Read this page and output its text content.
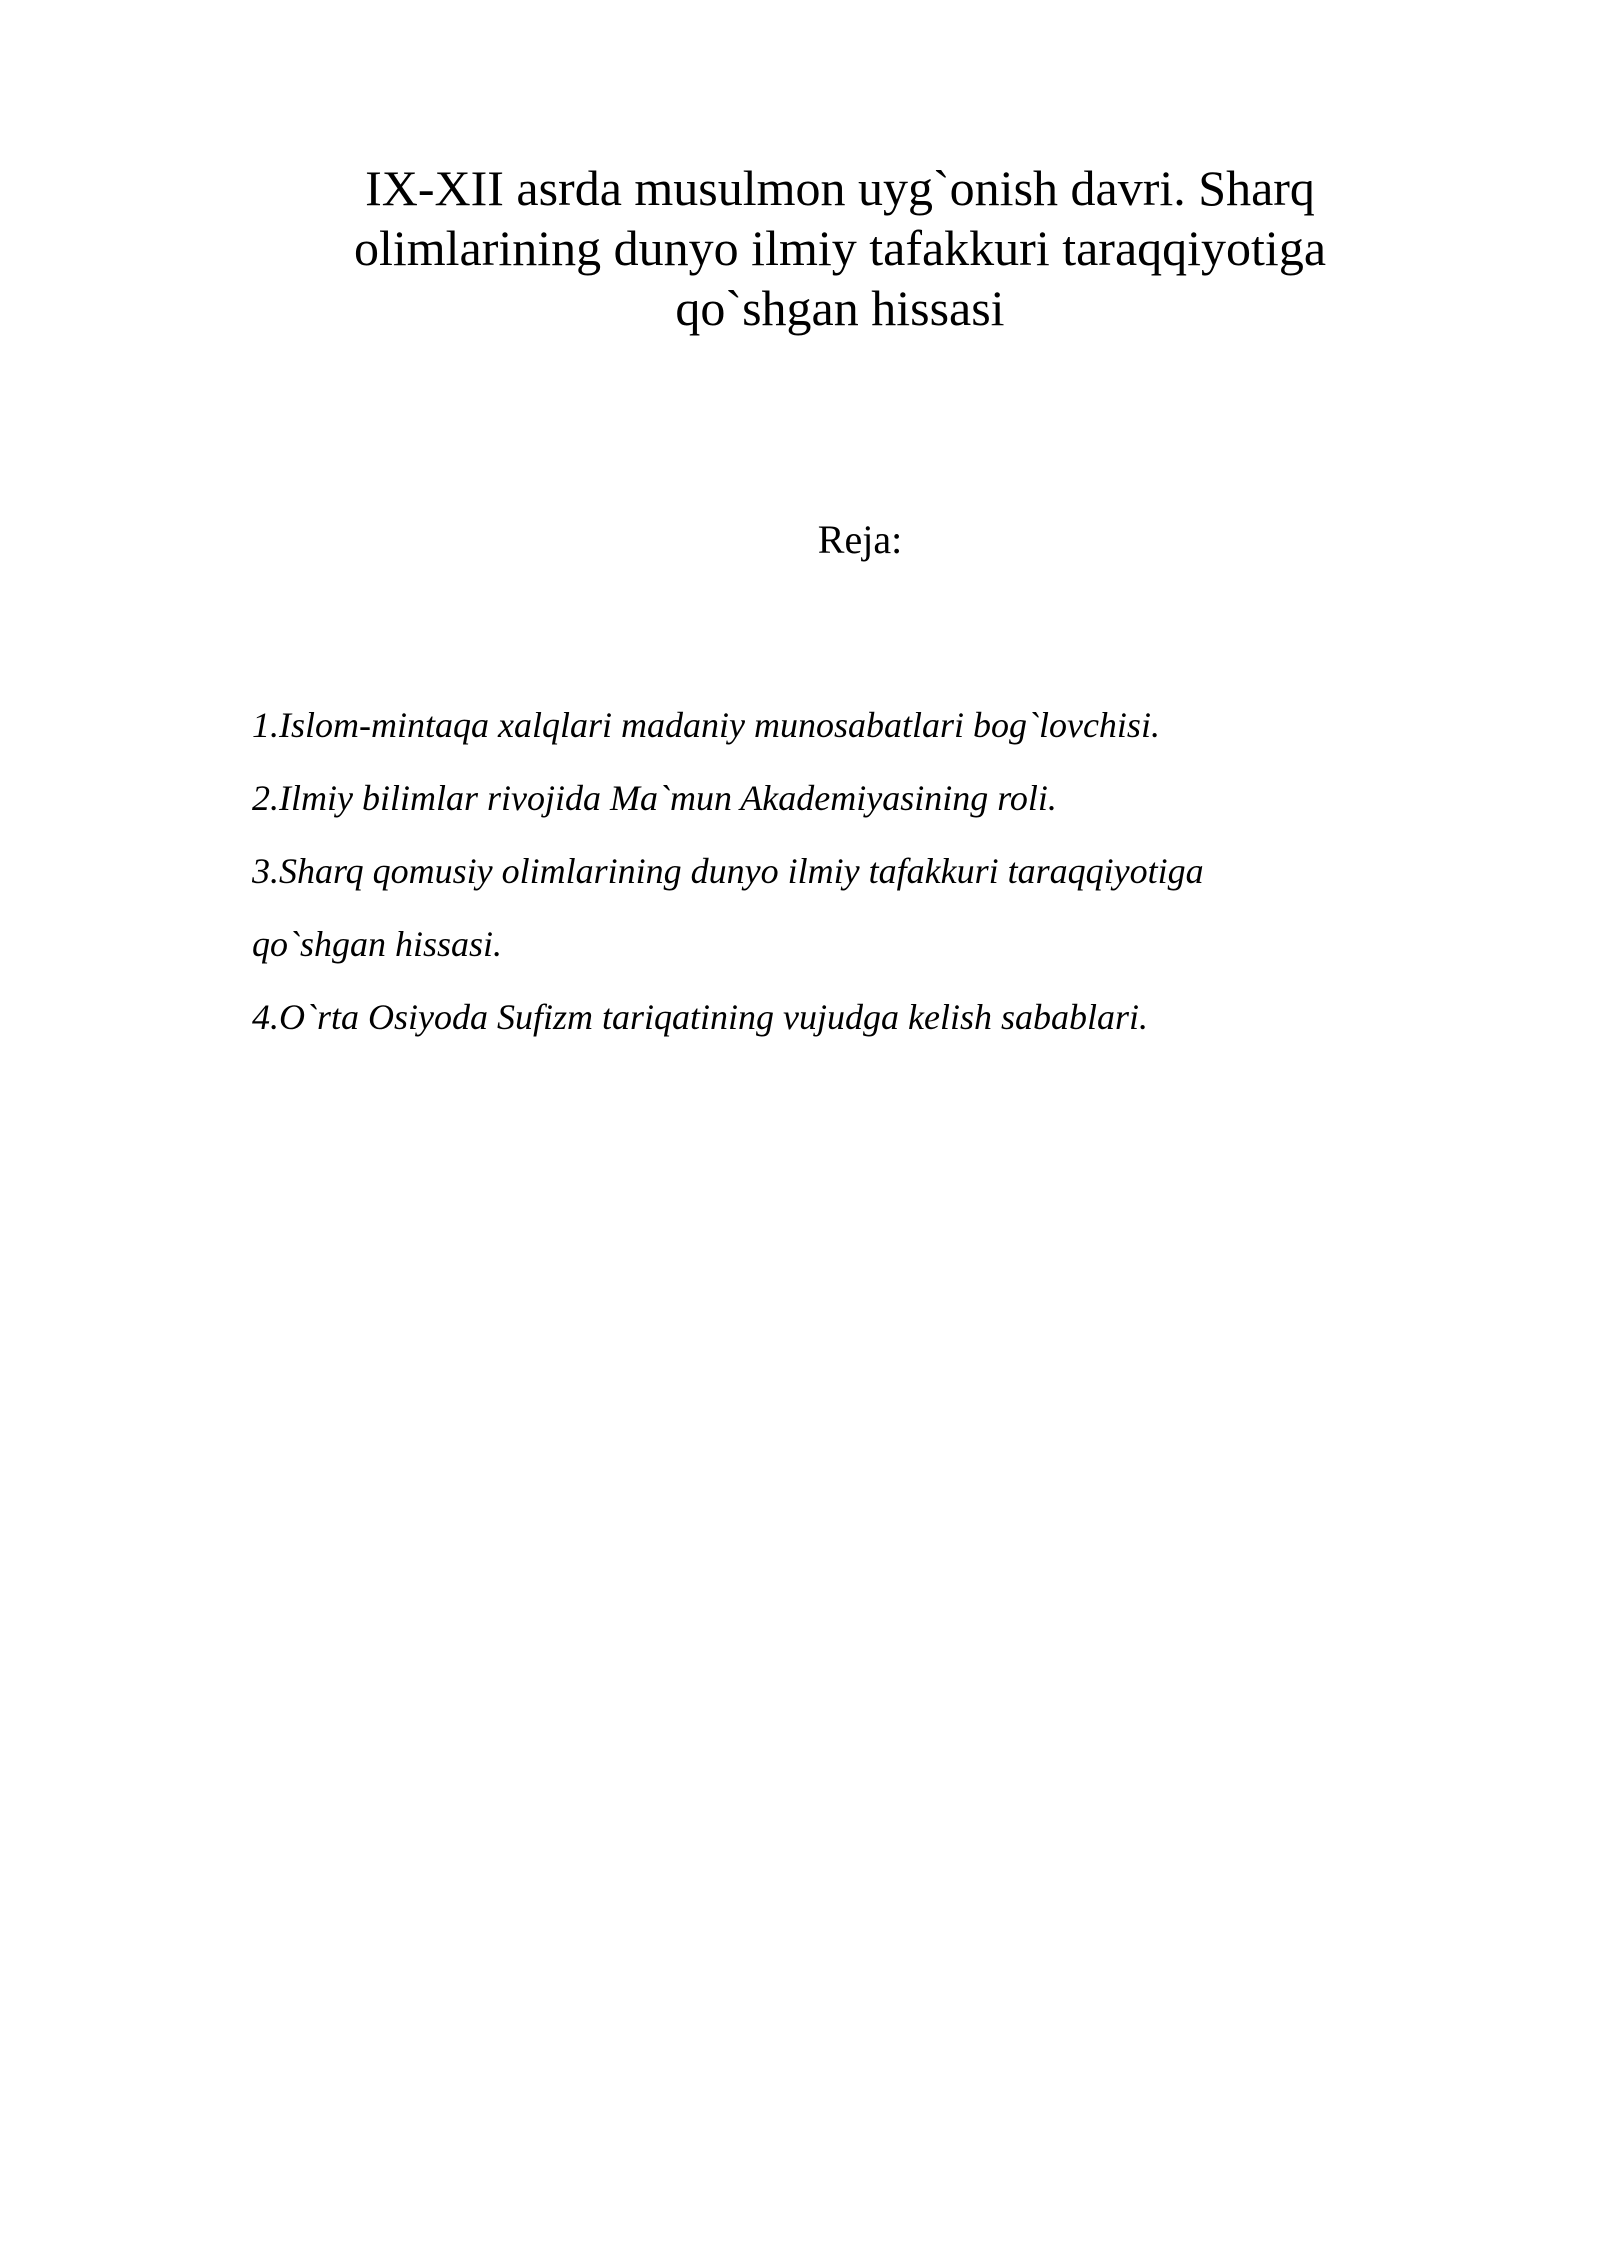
IX-XII asrda musulmon uyg`onish davri. Sharq
olimlarining dunyo ilmiy tafakkuri taraqqiyotiga
qo`shgan hissasi

Reja:

1.Islom-mintaqa xalqlari madaniy munosabatlari bog`lovchisi.
2.Ilmiy bilimlar rivojida Ma`mun Akademiyasining roli.
3.Sharq qomusiy olimlarining dunyo ilmiy tafakkuri taraqqiyotiga
qo`shgan hissasi.
4.O`rta Osiyoda Sufizm tariqatining vujudga kelish sabablari.
